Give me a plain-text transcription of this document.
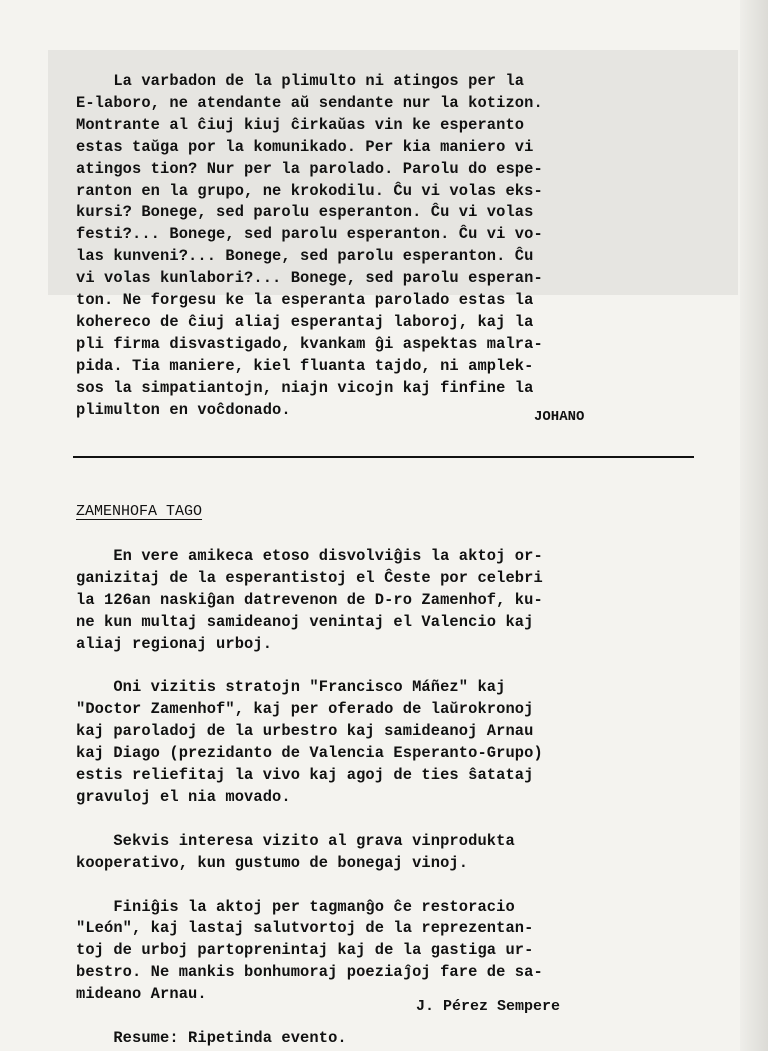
La varbadon de la plimulto ni atingos per la
E-laboro, ne atendante aŭ sendante nur la kotizon.
Montrante al ĉiuj kiuj ĉirkaŭas vin ke esperanto
estas taŭga por la komunikado. Per kia maniero vi
atingos tion? Nur per la parolado. Parolu do espe-
ranton en la grupo, ne krokodilu. Ĉu vi volas eks-
kursi? Bonege, sed parolu esperanton. Ĉu vi volas
festi?... Bonege, sed parolu esperanton. Ĉu vi vo-
las kunveni?... Bonege, sed parolu esperanton. Ĉu
vi volas kunlabori?... Bonege, sed parolu esperan-
ton. Ne forgesu ke la esperanta parolado estas la
kohereco de ĉiuj aliaj esperantaj laboroj, kaj la
pli firma disvastigado, kvankam ĝi aspektas malra-
pida. Tia maniere, kiel fluanta tajdo, ni amplek-
sos la simpatiantojn, niajn vicojn kaj finfine la
plimulton en voĉdonado.	JOHANO
ZAMENHOFA TAGO
En vere amikeca etoso disvolviĝis la aktoj or-
ganizitaj de la esperantistoj el Ĉeste por celebri
la 126an naskiĝan datrevenon de D-ro Zamenhof, ku-
ne kun multaj samideanoj venintaj el Valencio kaj
aliaj regionaj urboj.

Oni vizitis stratojn "Francisco Máñez" kaj
"Doctor Zamenhof", kaj per oferado de laŭrokronoj
kaj paroladoj de la urbestro kaj samideanoj Arnau
kaj Diago (prezidanto de Valencia Esperanto-Grupo)
estis reliefitaj la vivo kaj agoj de ties ŝatataj
gravuloj el nia movado.

Sekvis interesa vizito al grava vinprodukta
kooperativo, kun gustumo de bonegaj vinoj.

Finiĝis la aktoj per tagmanĝo ĉe restoracio
"León", kaj lastaj salutvortoj de la reprezentan-
toj de urboj partoprenintaj kaj de la gastiga ur-
bestro. Ne mankis bonhumoraj poeziaĵoj fare de sa-
mideano Arnau.

Resume: Ripetinda evento.
J. Pérez Sempere
